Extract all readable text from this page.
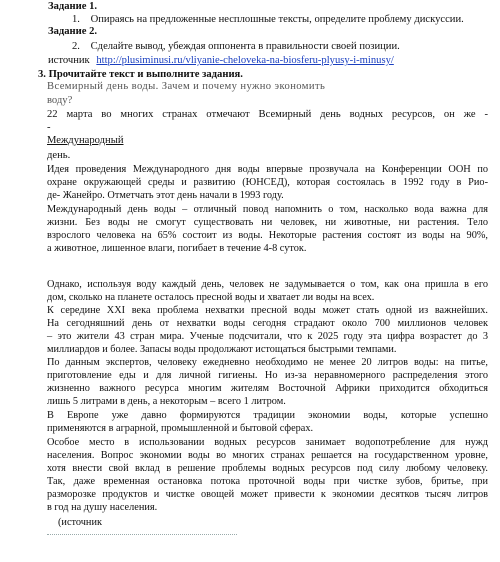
Задание 1.
1. Опираясь на предложенные несплошные тексты, определите проблему дискуссии.
Задание 2.
2. Сделайте вывод, убеждая оппонента в правильности своей позиции.
источник http://plusiminusi.ru/vliyanie-cheloveka-na-biosferu-plyusy-i-minusy/
3. Прочитайте текст и выполните задания.
Всемирный день воды. Зачем и почему нужно экономить
воду?
22 марта во многих странах отмечают Всемирный день водных ресурсов, он же -
-
Международный
день.
Идея проведения Международного дня воды впервые прозвучала на Конференции ООН по
охране окружающей среды и развитию (ЮНСЕД), которая состоялась в 1992 году в Рио-
де- Жанейро. Отметчать этот день начали в 1993 году.
Международный день воды – отличный повод напомнить о том, насколько вода важна для
жизни. Без воды не смогут существовать ни человек, ни животные, ни растения. Тело
взрослого человека на 65% состоит из воды. Некоторые растения состоят из воды на 90%,
а животное, лишенное влаги, погибает в течение 4-8 суток.
Однако, используя воду каждый день, человек не задумывается о том, как она пришла в его
дом, сколько на планете осталось пресной воды и хватает ли воды на всех.
К середине XXI века проблема нехватки пресной воды может стать одной из важнейших.
На сегодняшний день от нехватки воды сегодня страдают около 700 миллионов человек
– это жители 43 стран мира. Ученые подсчитали, что к 2025 году эта цифра возрастет до 3
миллиардов и более. Запасы воды продолжают истощаться быстрыми темпами.
По данным экспертов, человеку ежедневно необходимо не менее 20 литров воды: на питье,
приготовление еды и для личной гигиены. Но из-за неравномерного распределения этого
жизненно важного ресурса многим жителям Восточной Африки приходится обходиться
лишь 5 литрами в день, а некоторым – всего 1 литром.
В Европе уже давно формируются традиции экономии воды, которые успешно
применяются в аграрной, промышленной и бытовой сферах.
Особое место в использовании водных ресурсов занимает водопотребление для нужд
населения. Вопрос экономии воды во многих странах решается на государственном уровне,
хотя внести свой вклад в решение проблемы водных ресурсов под силу любому человеку.
Так, даже временная остановка потока проточной воды при чистке зубов, бритье, при
разморозке продуктов и чистке овощей может привести к экономии десятков тысяч литров
в год на душу населения.
(источник
